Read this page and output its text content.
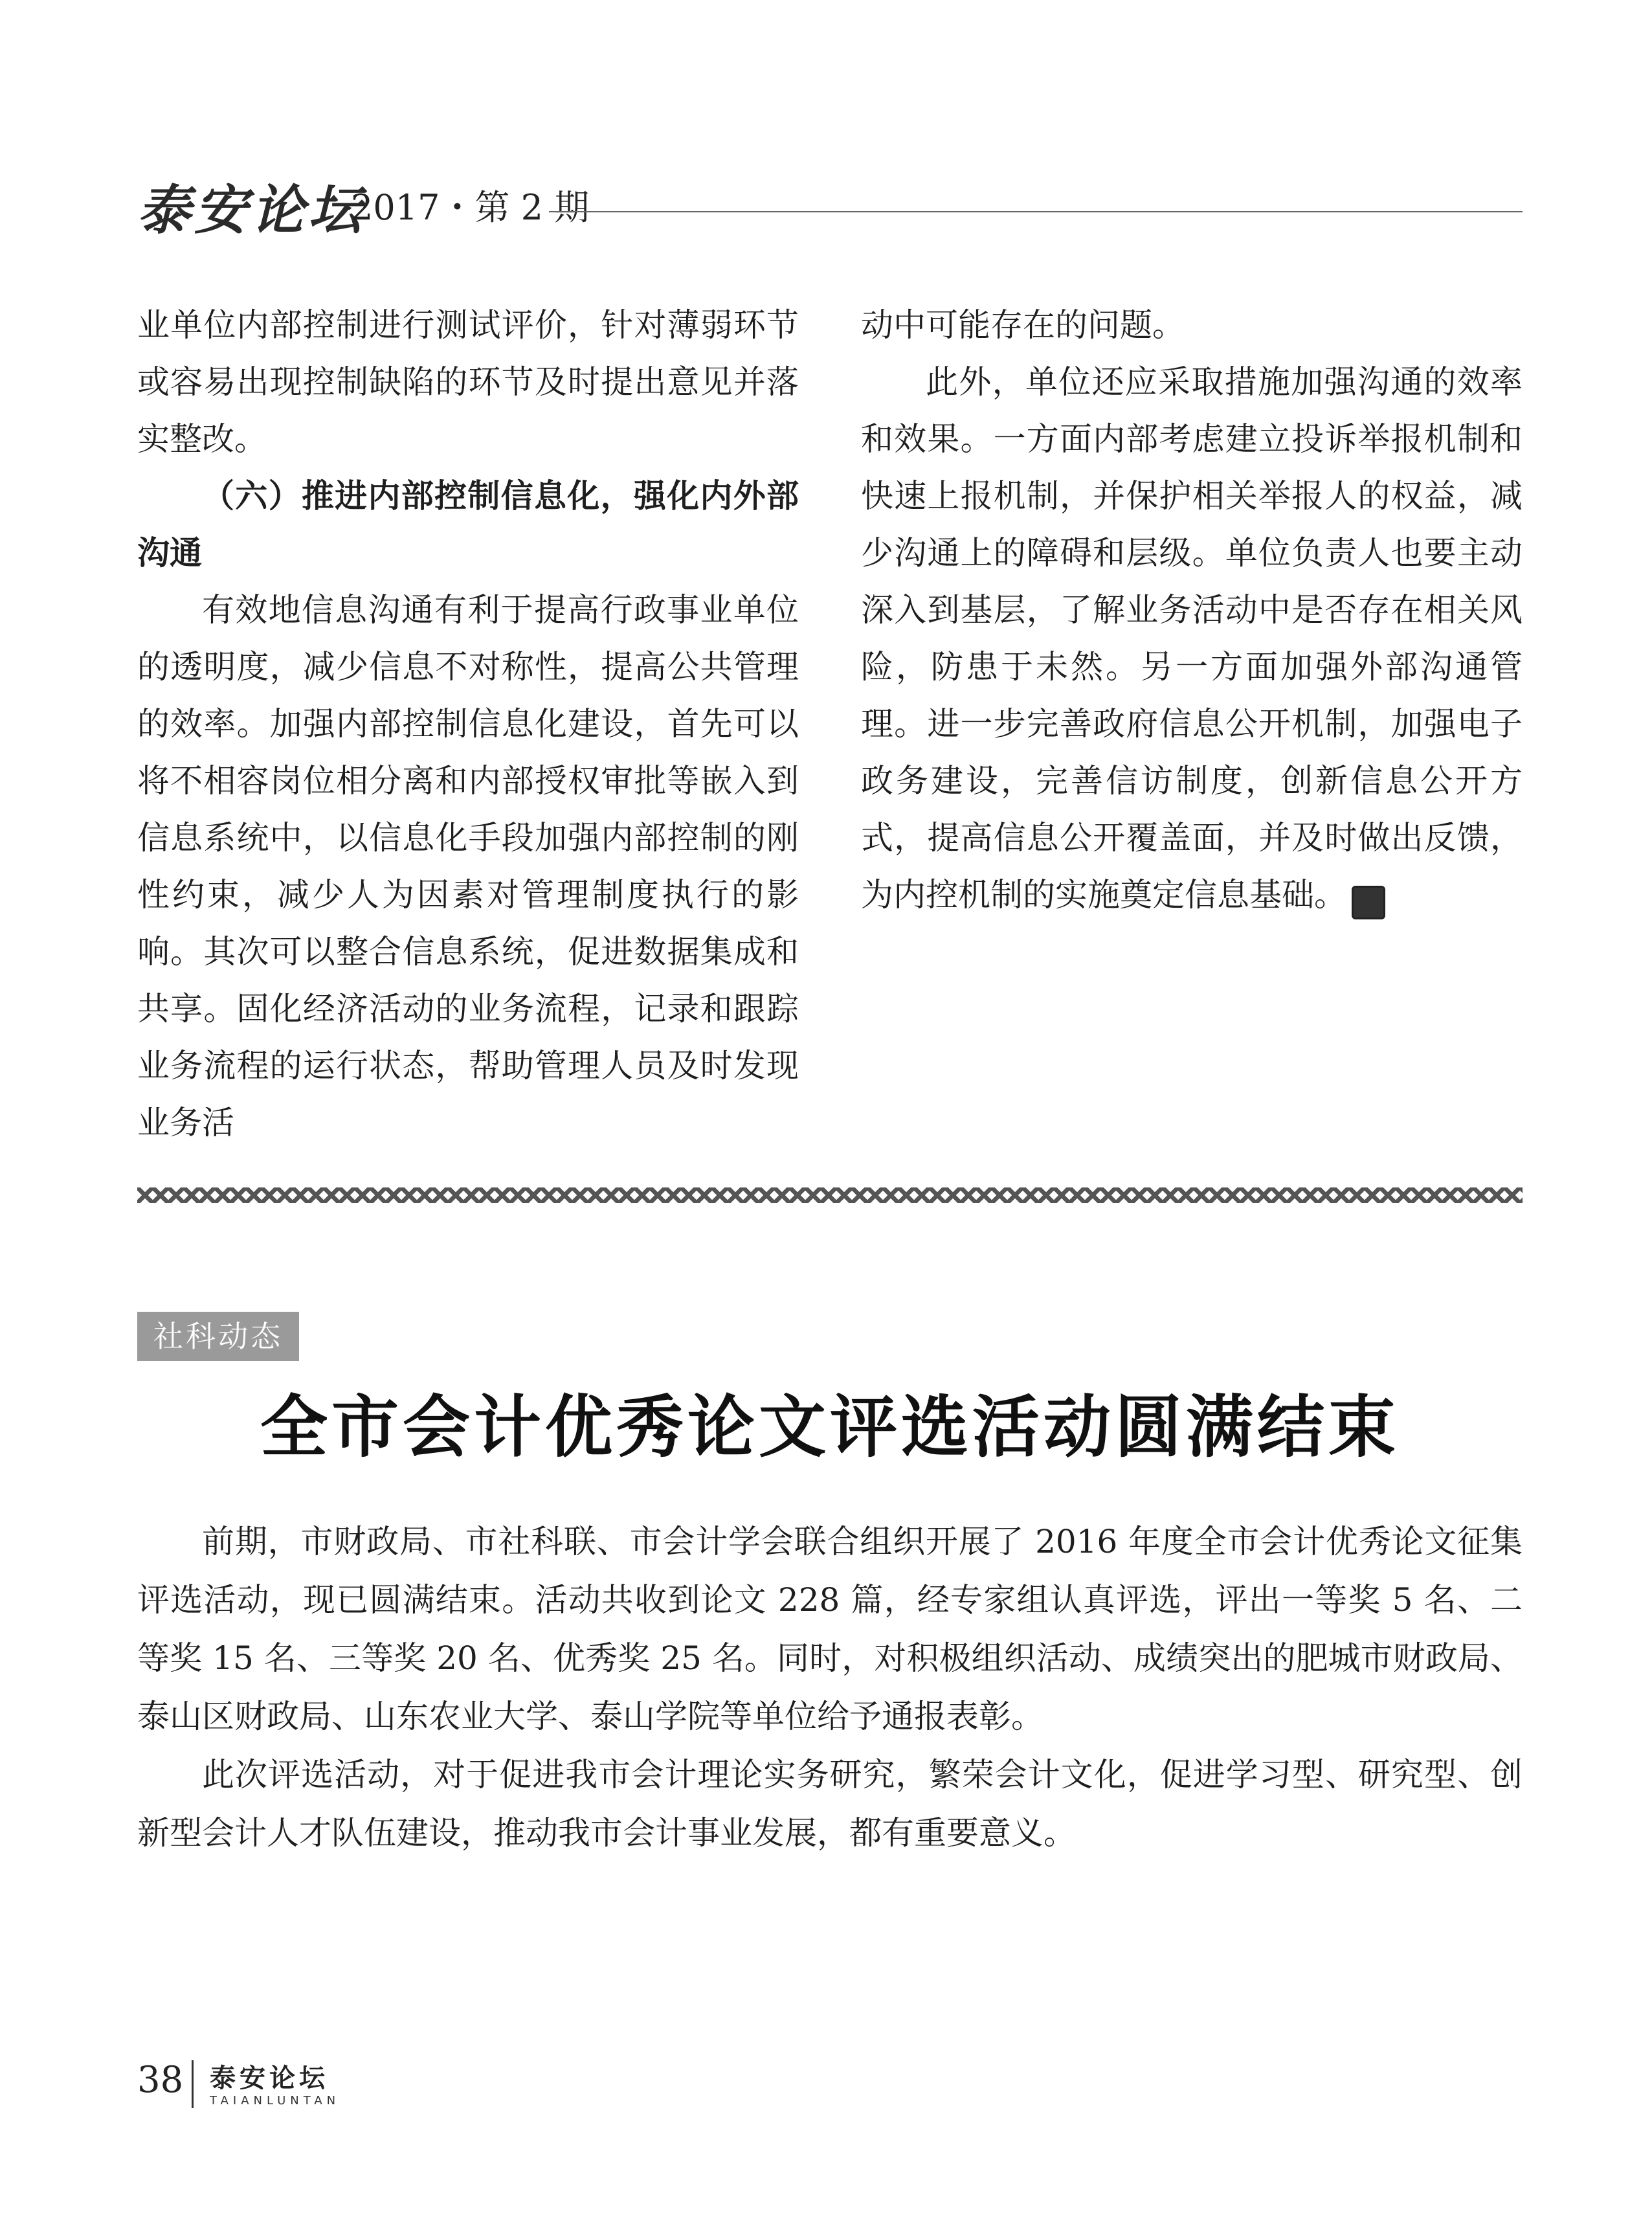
泰安论坛
2017・第 2 期

业单位内部控制进行测试评价，针对薄弱环节或容易出现控制缺陷的环节及时提出意见并落实整改。

（六）推进内部控制信息化，强化内外部沟通

有效地信息沟通有利于提高行政事业单位的透明度，减少信息不对称性，提高公共管理的效率。加强内部控制信息化建设，首先可以将不相容岗位相分离和内部授权审批等嵌入到信息系统中，以信息化手段加强内部控制的刚性约束，减少人为因素对管理制度执行的影响。其次可以整合信息系统，促进数据集成和共享。固化经济活动的业务流程，记录和跟踪业务流程的运行状态，帮助管理人员及时发现业务活

动中可能存在的问题。

此外，单位还应采取措施加强沟通的效率和效果。一方面内部考虑建立投诉举报机制和快速上报机制，并保护相关举报人的权益，减少沟通上的障碍和层级。单位负责人也要主动深入到基层，了解业务活动中是否存在相关风险，防患于未然。另一方面加强外部沟通管理。进一步完善政府信息公开机制，加强电子政务建设，完善信访制度，创新信息公开方式，提高信息公开覆盖面，并及时做出反馈，为内控机制的实施奠定信息基础。	✣

社科动态
全市会计优秀论文评选活动圆满结束

前期，市财政局、市社科联、市会计学会联合组织开展了 2016 年度全市会计优秀论文征集评选活动，现已圆满结束。活动共收到论文 228 篇，经专家组认真评选，评出一等奖 5 名、二等奖 15 名、三等奖 20 名、优秀奖 25 名。同时，对积极组织活动、成绩突出的肥城市财政局、泰山区财政局、山东农业大学、泰山学院等单位给予通报表彰。

此次评选活动，对于促进我市会计理论实务研究，繁荣会计文化，促进学习型、研究型、创新型会计人才队伍建设，推动我市会计事业发展，都有重要意义。

38 泰安论坛
TAIANLUNTAN
